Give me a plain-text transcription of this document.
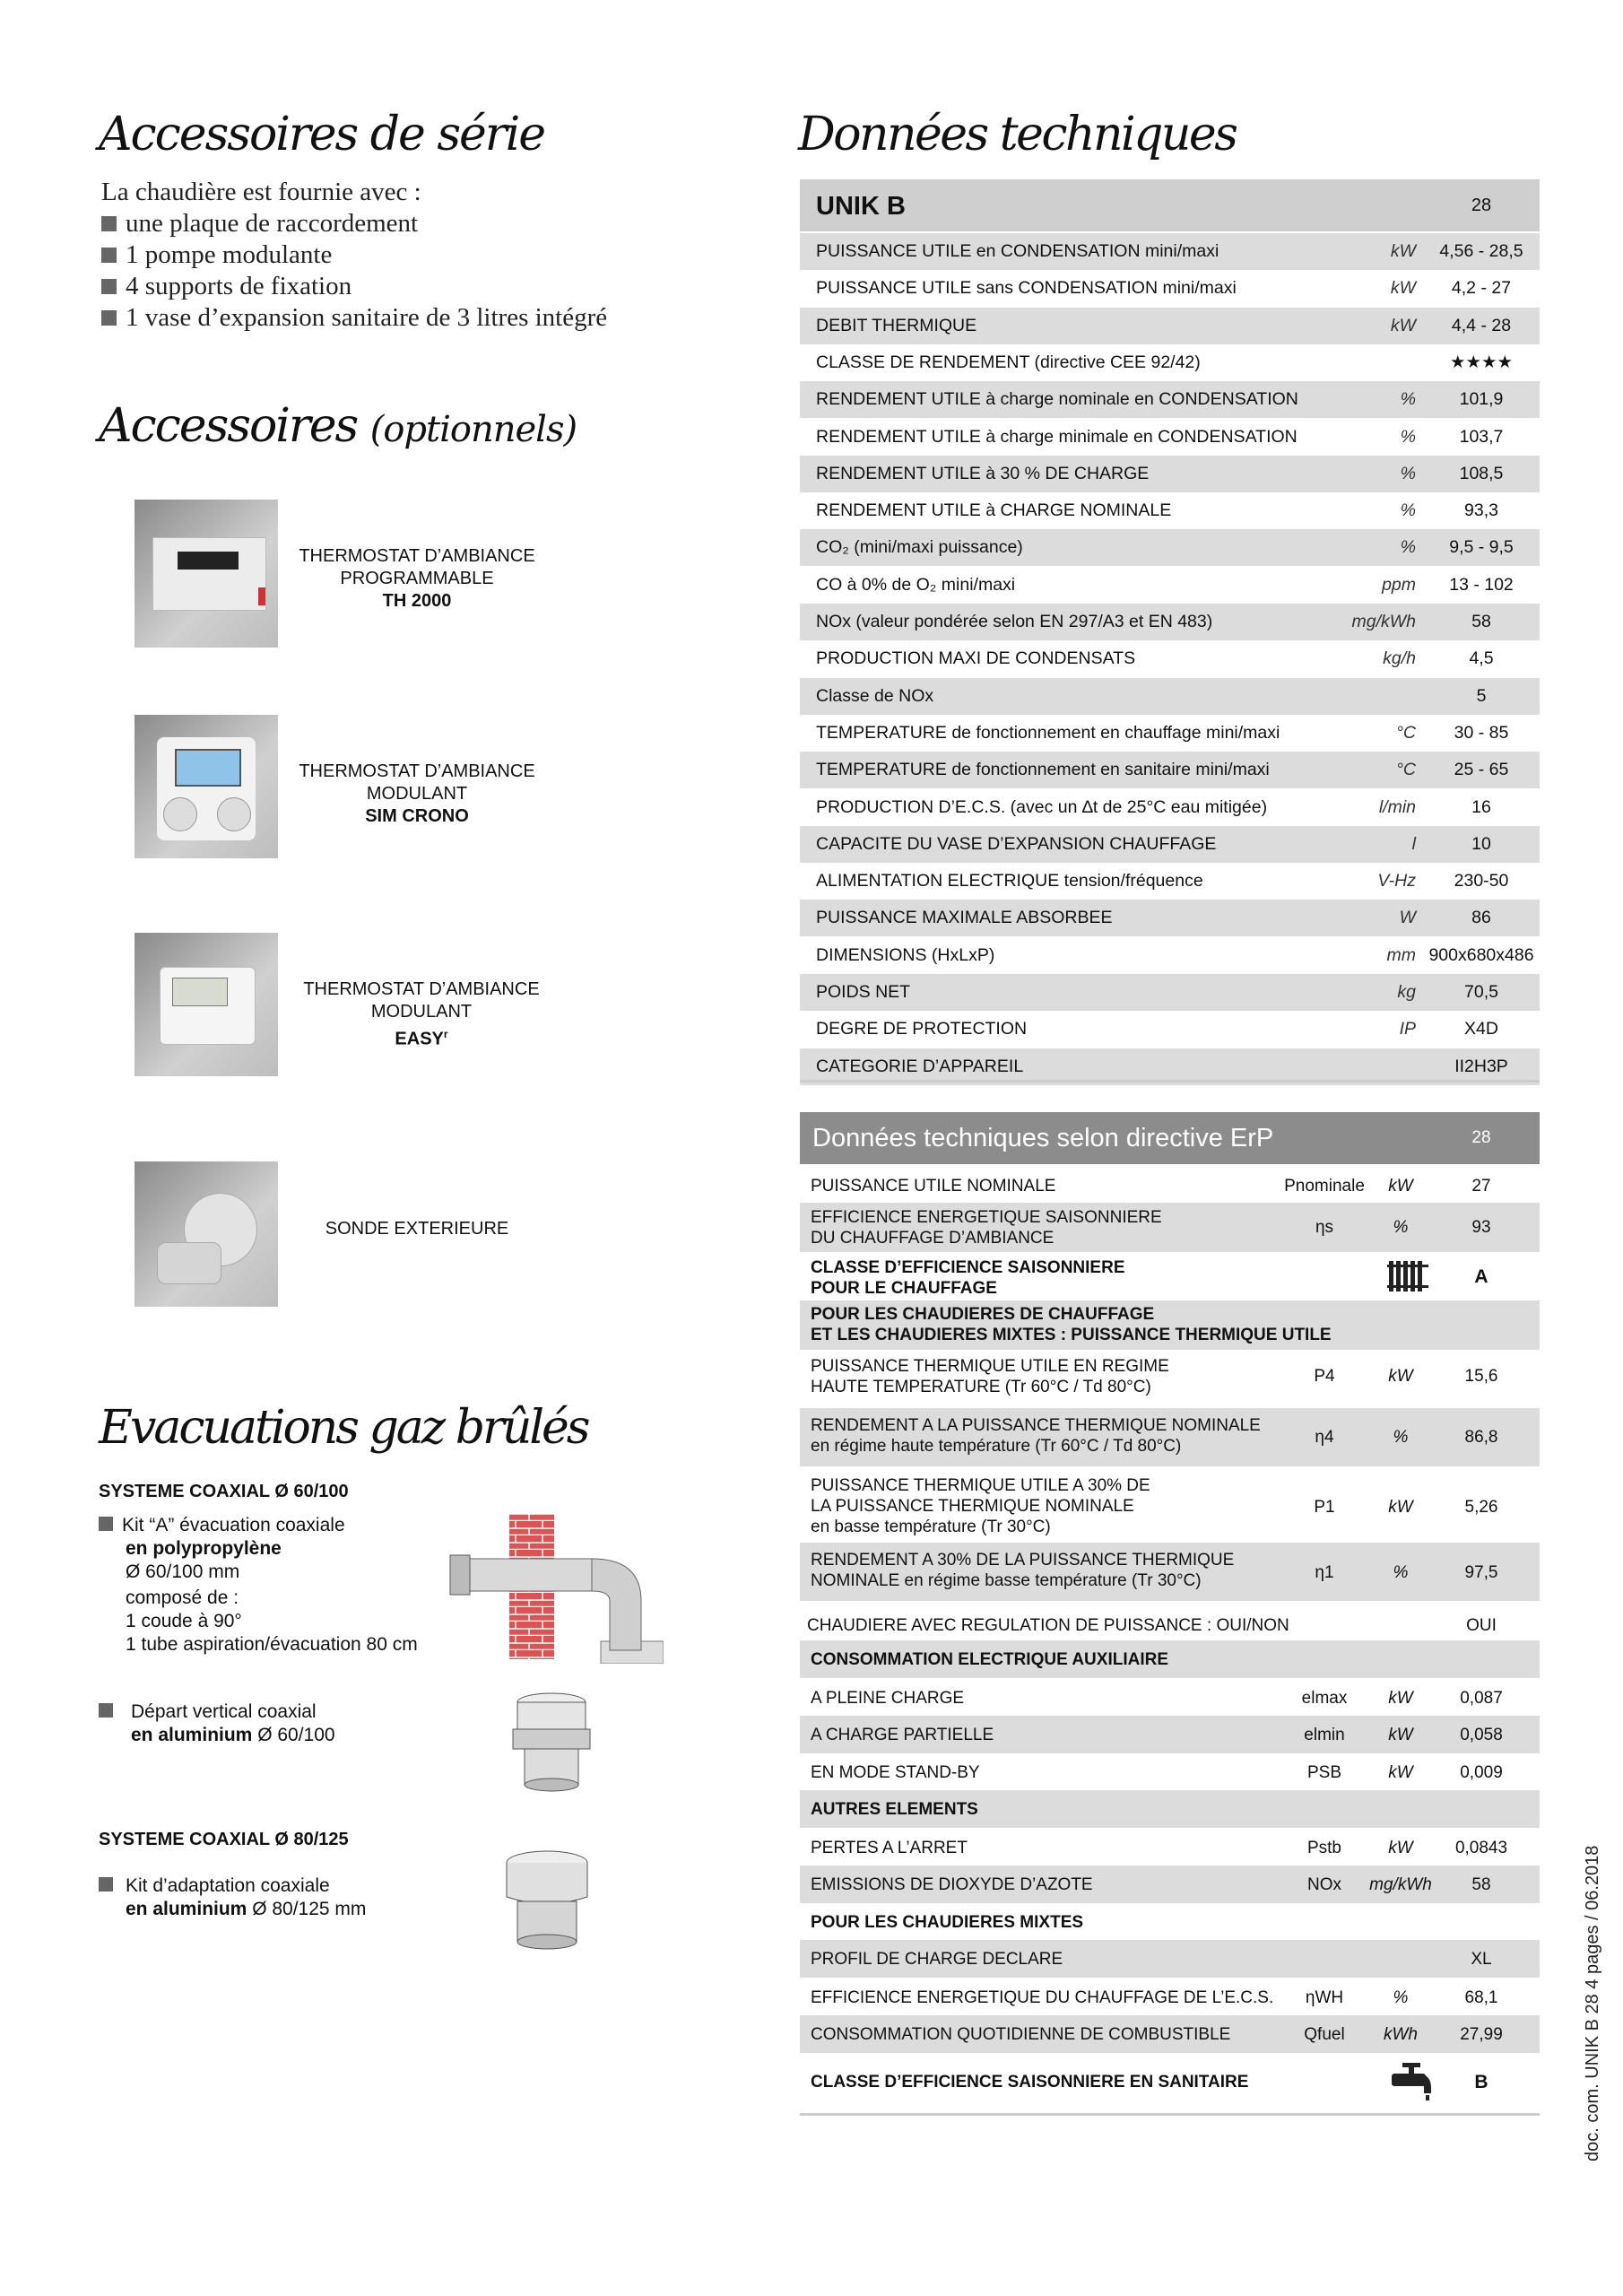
Accessoires de série
La chaudière est fournie avec :
une plaque de raccordement
1 pompe modulante
4 supports de fixation
1 vase d’expansion sanitaire de 3 litres intégré
Accessoires (optionnels)
THERMOSTAT D’AMBIANCE
PROGRAMMABLE
TH 2000
THERMOSTAT D’AMBIANCE
MODULANT
SIM CRONO
THERMOSTAT D’AMBIANCE
MODULANT
EASY$^r$
SONDE EXTERIEURE
Evacuations gaz brûlés
SYSTEME COAXIAL Ø 60/100
Kit “A” évacuation coaxiale
en polypropylène
Ø 60/100 mm
composé de :
1 coude à 90°
1 tube aspiration/évacuation 80 cm
Départ vertical coaxial
en aluminium Ø 60/100
SYSTEME COAXIAL Ø 80/125
Kit d’adaptation coaxiale
en aluminium Ø 80/125 mm
Données techniques
UNIK B	28
PUISSANCE UTILE en CONDENSATION mini/maxi	kW	4,56 - 28,5
PUISSANCE UTILE sans CONDENSATION mini/maxi	kW	4,2 - 27
DEBIT THERMIQUE	kW	4,4 - 28
CLASSE DE RENDEMENT (directive CEE 92/42)	★★★★
RENDEMENT UTILE à charge nominale en CONDENSATION	%	101,9
RENDEMENT UTILE à charge minimale en CONDENSATION	%	103,7
RENDEMENT UTILE à 30 % DE CHARGE	%	108,5
RENDEMENT UTILE à CHARGE NOMINALE	%	93,3
CO₂ (mini/maxi puissance)	%	9,5 - 9,5
CO à 0% de O₂ mini/maxi	ppm	13 - 102
NOx (valeur pondérée selon EN 297/A3 et EN 483)	mg/kWh	58
PRODUCTION MAXI DE CONDENSATS	kg/h	4,5
Classe de NOx	5
TEMPERATURE de fonctionnement en chauffage mini/maxi	°C	30 - 85
TEMPERATURE de fonctionnement en sanitaire mini/maxi	°C	25 - 65
PRODUCTION D’E.C.S. (avec un ∆t de 25°C eau mitigée)	l/min	16
CAPACITE DU VASE D’EXPANSION CHAUFFAGE	l	10
ALIMENTATION ELECTRIQUE tension/fréquence	V-Hz	230-50
PUISSANCE MAXIMALE ABSORBEE	W	86
DIMENSIONS (HxLxP)	mm 900x680x486
POIDS NET	kg	70,5
DEGRE DE PROTECTION	IP	X4D
CATEGORIE D’APPAREIL	II2H3P
Données techniques selon directive ErP	28
PUISSANCE UTILE NOMINALE	Pnominale	kW	27
EFFICIENCE ENERGETIQUE SAISONNIERE
DU CHAUFFAGE D’AMBIANCE
ηs	%	93
CLASSE D’EFFICIENCE SAISONNIERE
POUR LE CHAUFFAGE
A
POUR LES CHAUDIERES DE CHAUFFAGE
ET LES CHAUDIERES MIXTES : PUISSANCE THERMIQUE UTILE
PUISSANCE THERMIQUE UTILE EN REGIME
HAUTE TEMPERATURE (Tr 60°C / Td 80°C)
P4	kW	15,6
RENDEMENT A LA PUISSANCE THERMIQUE NOMINALE
en régime haute température (Tr 60°C / Td 80°C)	η4	%	86,8
PUISSANCE THERMIQUE UTILE A 30% DE
LA PUISSANCE THERMIQUE NOMINALE
en basse température (Tr 30°C)
P1	kW	5,26
RENDEMENT A 30% DE LA PUISSANCE THERMIQUE
NOMINALE en régime basse température (Tr 30°C)	η1	%	97,5
CHAUDIERE AVEC REGULATION DE PUISSANCE : OUI/NON	OUI
CONSOMMATION ELECTRIQUE AUXILIAIRE
A PLEINE CHARGE	elmax	kW	0,087
A CHARGE PARTIELLE	elmin	kW	0,058
EN MODE STAND-BY	PSB	kW	0,009
AUTRES ELEMENTS
PERTES A L’ARRET	Pstb	kW	0,0843
EMISSIONS DE DIOXYDE D’AZOTE	NOx	mg/kWh	58
POUR LES CHAUDIERES MIXTES
PROFIL DE CHARGE DECLARE	XL
EFFICIENCE ENERGETIQUE DU CHAUFFAGE DE L’E.C.S.	ηWH	%	68,1
CONSOMMATION QUOTIDIENNE DE COMBUSTIBLE	Qfuel	kWh	27,99
CLASSE D’EFFICIENCE SAISONNIERE EN SANITAIRE	B	doc. com. UNIK B 28 4 pages / 06.2018
